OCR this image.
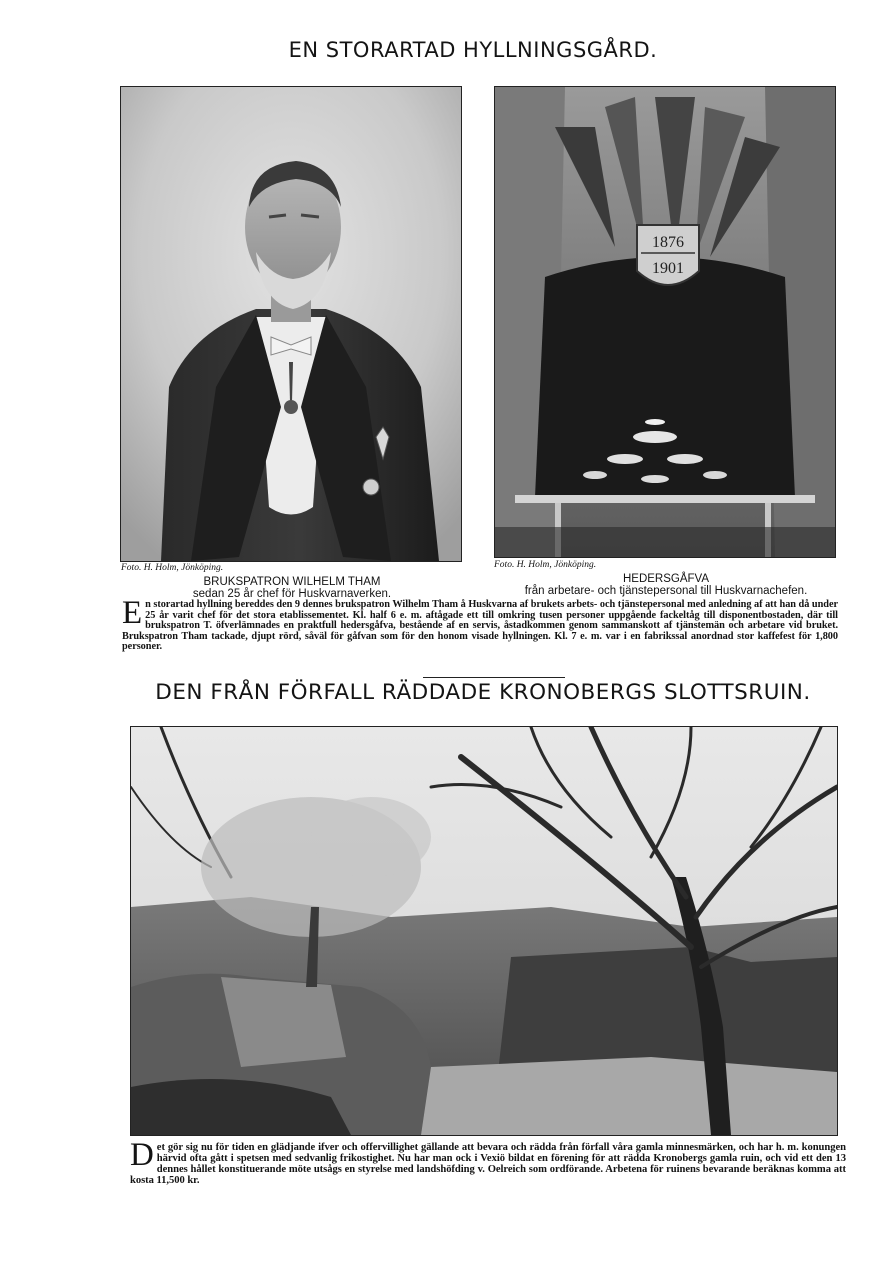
EN STORARTAD HYLLNINGSGÅRD.
1876
1901
Foto. H. Holm, Jönköping.
BRUKSPATRON WILHELM THAM
sedan 25 år chef för Huskvarnaverken.
Foto. H. Holm, Jönköping.
HEDERSGÅFVA
från arbetare- och tjänstepersonal till Huskvarnachefen.
En storartad hyllning bereddes den 9 dennes brukspatron Wilhelm Tham å Huskvarna af brukets arbets- och tjänstepersonal med anledning af att han då under 25 år varit chef för det stora etablissementet. Kl. half 6 e. m. aftågade ett till omkring tusen personer uppgående fackeltåg till disponentbostaden, där till brukspatron T. öfverlämnades en praktfull hedersgåfva, bestående af en servis, åstadkommen genom sammanskott af tjänstemän och arbetare vid bruket. Brukspatron Tham tackade, djupt rörd, såväl för gåfvan som för den honom visade hyllningen. Kl. 7 e. m. var i en fabrikssal anordnad stor kaffefest för 1,800 personer.
DEN FRÅN FÖRFALL RÄDDADE KRONOBERGS SLOTTSRUIN.
Det gör sig nu för tiden en glädjande ifver och offervillighet gällande att bevara och rädda från förfall våra gamla minnesmärken, och har h. m. konungen härvid ofta gått i spetsen med sedvanlig frikostighet. Nu har man ock i Vexiö bildat en förening för att rädda Kronobergs gamla ruin, och vid ett den 13 dennes hållet konstituerande möte utsågs en styrelse med landshöfding v. Oelreich som ordförande. Arbetena för ruinens bevarande beräknas komma att kosta 11,500 kr.
